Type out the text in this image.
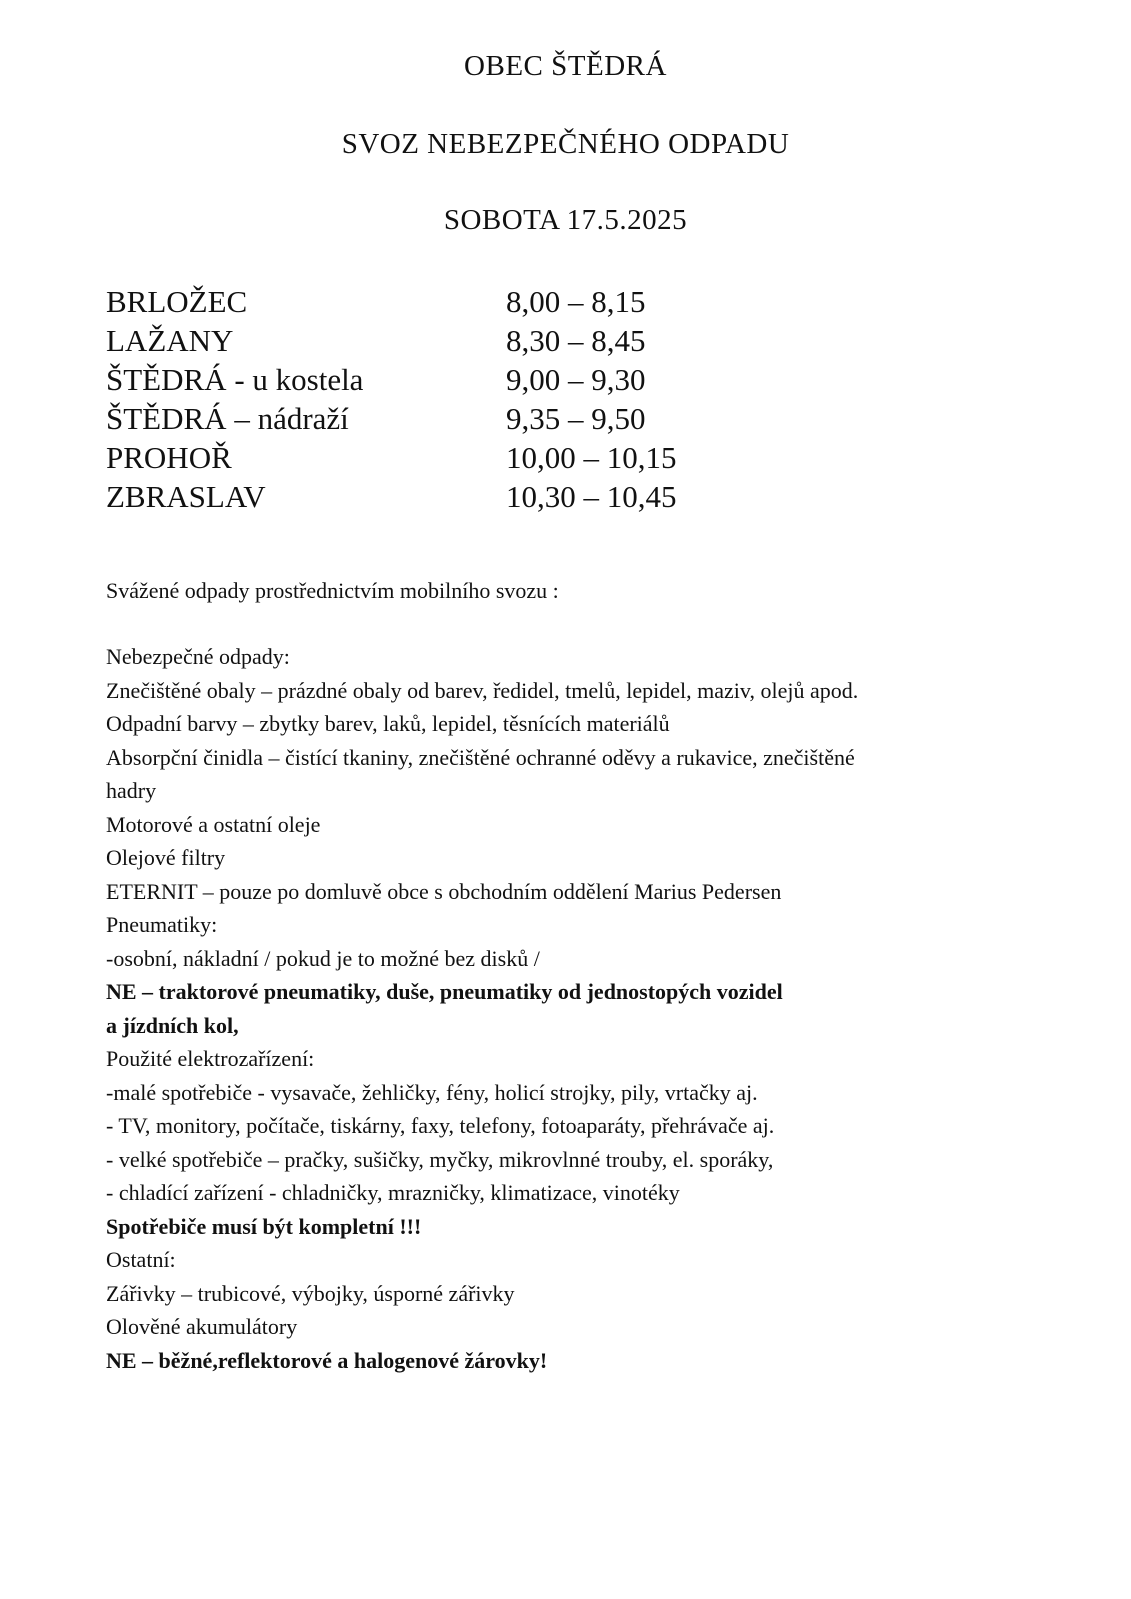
OBEC ŠTĚDRÁ
SVOZ NEBEZPEČNÉHO ODPADU
SOBOTA 17.5.2025
BRLOŽEC	8,00 – 8,15
LAŽANY	8,30 – 8,45
ŠTĚDRÁ - u kostela	9,00 – 9,30
ŠTĚDRÁ – nádraží	9,35 – 9,50
PROHOŘ	10,00 – 10,15
ZBRASLAV	10,30 – 10,45
Svážené odpady prostřednictvím mobilního svozu :
Nebezpečné odpady:
Znečištěné obaly – prázdné obaly od barev, ředidel, tmelů, lepidel, maziv, olejů apod.
Odpadní barvy – zbytky barev, laků, lepidel, těsnících materiálů
Absorpční činidla – čistící tkaniny, znečištěné ochranné oděvy a rukavice, znečištěné
hadry
Motorové a ostatní oleje
Olejové filtry
ETERNIT – pouze po domluvě obce s obchodním oddělení Marius Pedersen
Pneumatiky:
-osobní, nákladní / pokud je to možné bez disků /
NE – traktorové pneumatiky, duše, pneumatiky od jednostopých vozidel
a jízdních kol,
Použité elektrozařízení:
-malé spotřebiče - vysavače, žehličky, fény, holicí strojky, pily, vrtačky aj.
- TV, monitory, počítače, tiskárny, faxy, telefony, fotoaparáty, přehrávače aj.
- velké spotřebiče – pračky, sušičky, myčky, mikrovlnné trouby, el. sporáky,
- chladící zařízení - chladničky, mrazničky, klimatizace, vinotéky
Spotřebiče musí být kompletní !!!
Ostatní:
Zářivky – trubicové, výbojky, úsporné zářivky
Olověné akumulátory
NE – běžné,reflektorové a halogenové žárovky!
